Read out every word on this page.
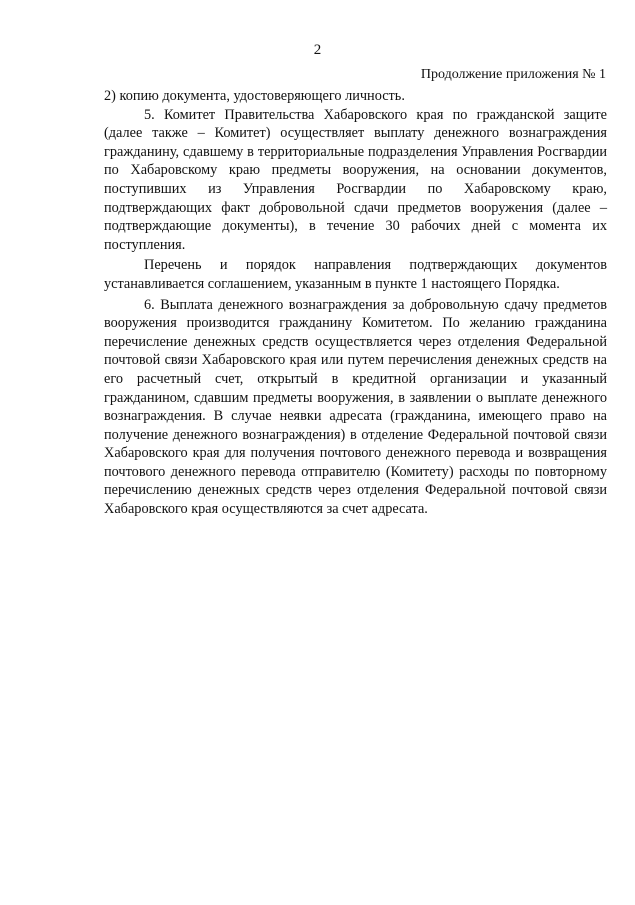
2

Продолжение приложения № 1

2) копию документа, удостоверяющего личность.

5. Комитет Правительства Хабаровского края по гражданской защите (далее также – Комитет) осуществляет выплату денежного вознаграждения гражданину, сдавшему в территориальные подразделения Управления Росгвардии по Хабаровскому краю предметы вооружения, на основании документов, поступивших из Управления Росгвардии по Хабаровскому краю, подтверждающих факт добровольной сдачи предметов вооружения (далее – подтверждающие документы), в течение 30 рабочих дней с момента их поступления.

Перечень и порядок направления подтверждающих документов устанавливается соглашением, указанным в пункте 1 настоящего Порядка.

6. Выплата денежного вознаграждения за добровольную сдачу предметов вооружения производится гражданину Комитетом. По желанию гражданина перечисление денежных средств осуществляется через отделения Федеральной почтовой связи Хабаровского края или путем перечисления денежных средств на его расчетный счет, открытый в кредитной организации и указанный гражданином, сдавшим предметы вооружения, в заявлении о выплате денежного вознаграждения. В случае неявки адресата (гражданина, имеющего право на получение денежного вознаграждения) в отделение Федеральной почтовой связи Хабаровского края для получения почтового денежного перевода и возвращения почтового денежного перевода отправителю (Комитету) расходы по повторному перечислению денежных средств через отделения Федеральной почтовой связи Хабаровского края осуществляются за счет адресата.
